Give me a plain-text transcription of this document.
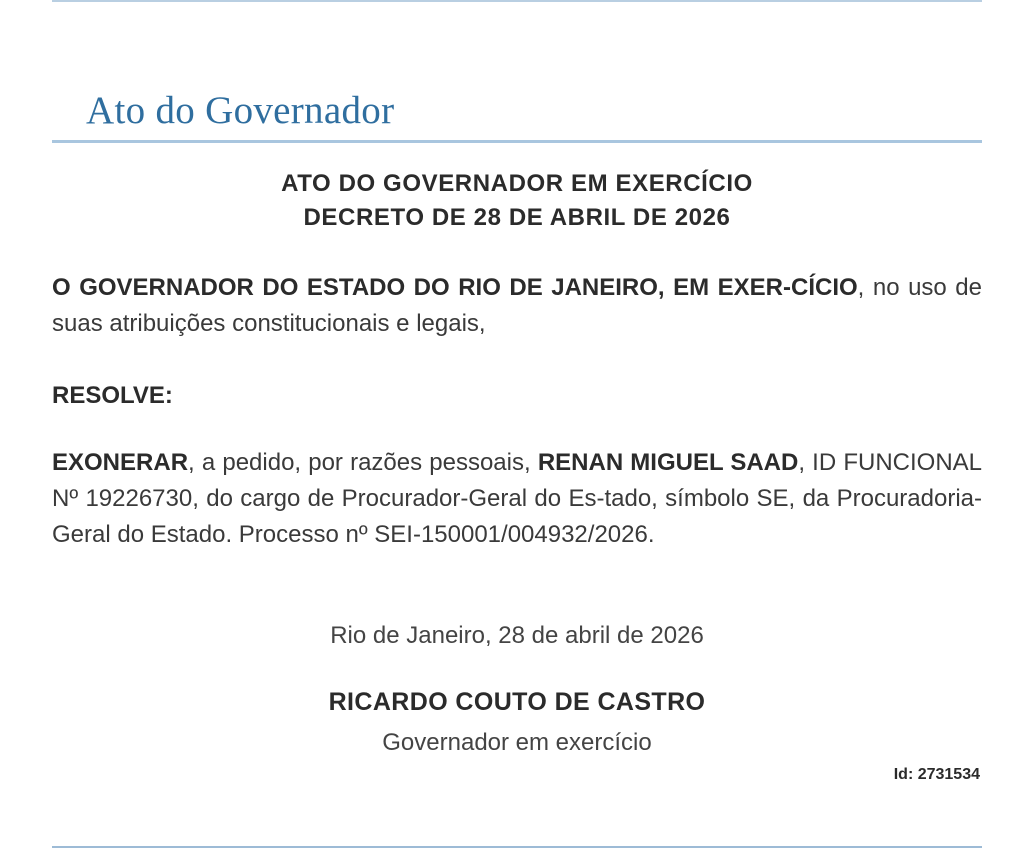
Ato do Governador

ATO DO GOVERNADOR EM EXERCÍCIO

DECRETO DE 28 DE ABRIL DE 2026

O GOVERNADOR DO ESTADO DO RIO DE JANEIRO, EM EXER-CÍCIO, no uso de suas atribuições constitucionais e legais,

RESOLVE:

EXONERAR, a pedido, por razões pessoais, RENAN MIGUEL SAAD, ID FUNCIONAL Nº 19226730, do cargo de Procurador-Geral do Es-tado, símbolo SE, da Procuradoria-Geral do Estado. Processo nº SEI-150001/004932/2026.

Rio de Janeiro, 28 de abril de 2026

RICARDO COUTO DE CASTRO

Governador em exercício

Id: 2731534
